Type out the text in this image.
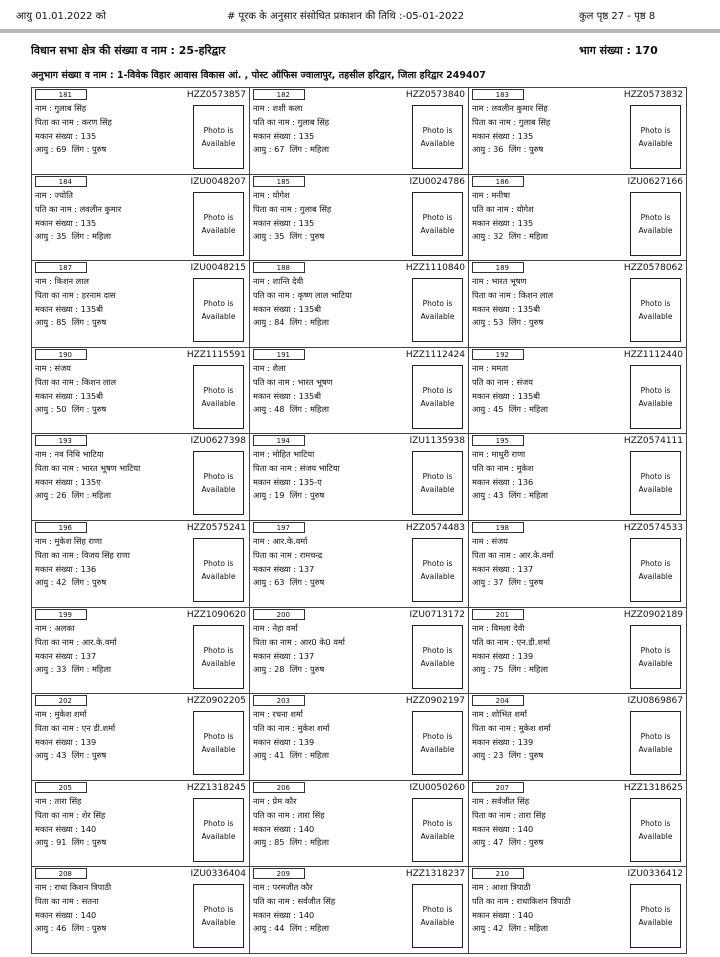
आयु 01.01.2022 को	# पूरक के अनुसार संसोधित प्रकाशन की तिथि :-05-01-2022	कुल पृष्ठ 27 - पृष्ठ 8
विधान सभा क्षेत्र की संख्या व नाम : 25-हरिद्वार	भाग संख्या : 170
अनुभाग संख्या व नाम : 1-विवेक विहार आवास विकास आं. , पोस्ट ऑफिस ज्वालापुर, तहसील हरिद्वार, जिला हरिद्वार 249407
181	HZZ0573857
नाम : गुलाब सिंह
पिता का नाम : करण सिंह
मकान संख्या : 135
आयु : 69 लिंग : पुरुष
Photo is
Available
182	HZZ0573840
नाम : शशी कला
पति का नाम : गुलाब सिंह
मकान संख्या : 135
आयु : 67 लिंग : महिला
Photo is
Available
183	HZZ0573832
नाम : लवलीन कुमार सिंह
पिता का नाम : गुलाब सिंह
मकान संख्या : 135
आयु : 36 लिंग : पुरुष
Photo is
Available
184	IZU0048207
नाम : ज्योति
पति का नाम : लवलीन कुमार
मकान संख्या : 135
आयु : 35 लिंग : महिला
Photo is
Available
185	IZU0024786
नाम : योगेश
पिता का नाम : गुलाब सिंह
मकान संख्या : 135
आयु : 35 लिंग : पुरुष
Photo is
Available
186	IZU0627166
नाम : मनीषा
पति का नाम : योगेश
मकान संख्या : 135
आयु : 32 लिंग : महिला
Photo is
Available
187	IZU0048215
नाम : किशन लाल
पिता का नाम : हरनाम दास
मकान संख्या : 135बी
आयु : 85 लिंग : पुरुष
Photo is
Available
188	HZZ1110840
नाम : शान्ति देवी
पति का नाम : कृष्ण लाल भाटिया
मकान संख्या : 135बी
आयु : 84 लिंग : महिला
Photo is
Available
189	HZZ0578062
नाम : भारत भूषण
पिता का नाम : किशन लाल
मकान संख्या : 135बी
आयु : 53 लिंग : पुरुष
Photo is
Available
190	HZZ1115591
नाम : संजय
पिता का नाम : किशन लाल
मकान संख्या : 135बी
आयु : 50 लिंग : पुरुष
Photo is
Available
191	HZZ1112424
नाम : शैला
पति का नाम : भारत भूषण
मकान संख्या : 135बी
आयु : 48 लिंग : महिला
Photo is
Available
192	HZZ1112440
नाम : ममता
पति का नाम : संजय
मकान संख्या : 135बी
आयु : 45 लिंग : महिला
Photo is
Available
193	IZU0627398
नाम : नव निधि भाटिया
पिता का नाम : भारत भूषण भाटिया
मकान संख्या : 135ए
आयु : 26 लिंग : महिला
Photo is
Available
194	IZU1135938
नाम : मोहित भाटिया
पिता का नाम : संजय भाटिया
मकान संख्या : 135-ए
आयु : 19 लिंग : पुरुष
Photo is
Available
195	HZZ0574111
नाम : माधुरी राणा
पति का नाम : मुकेश
मकान संख्या : 136
आयु : 43 लिंग : महिला
Photo is
Available
196	HZZ0575241
नाम : मुकेश सिंह राणा
पिता का नाम : विजय सिंह राणा
मकान संख्या : 136
आयु : 42 लिंग : पुरुष
Photo is
Available
197	HZZ0574483
नाम : आर.के.वर्मा
पिता का नाम : रामचन्द्र
मकान संख्या : 137
आयु : 63 लिंग : पुरुष
Photo is
Available
198	HZZ0574533
नाम : संजय
पिता का नाम : आर.के.वर्मा
मकान संख्या : 137
आयु : 37 लिंग : पुरुष
Photo is
Available
199	HZZ1090620
नाम : अलका
पिता का नाम : आर.के.वर्मा
मकान संख्या : 137
आयु : 33 लिंग : महिला
Photo is
Available
200	IZU0713172
नाम : नेहा वर्मा
पिता का नाम : आर0 के0 वर्मा
मकान संख्या : 137
आयु : 28 लिंग : पुरुष
Photo is
Available
201	HZZ0902189
नाम : विमला देवी
पति का नाम : एन.डी.शर्मा
मकान संख्या : 139
आयु : 75 लिंग : महिला
Photo is
Available
202	HZZ0902205
नाम : मुकेश शर्मा
पिता का नाम : एन डी.शर्मा
मकान संख्या : 139
आयु : 43 लिंग : पुरुष
Photo is
Available
203	HZZ0902197
नाम : रचना शर्मा
पति का नाम : मुकेश शर्मा
मकान संख्या : 139
आयु : 41 लिंग : महिला
Photo is
Available
204	IZU0869867
नाम : शोभित शर्मा
पिता का नाम : मुकेश शर्मा
मकान संख्या : 139
आयु : 23 लिंग : पुरुष
Photo is
Available
205	HZZ1318245
नाम : तारा सिंह
पिता का नाम : शेर सिंह
मकान संख्या : 140
आयु : 91 लिंग : पुरुष
Photo is
Available
206	IZU0050260
नाम : प्रेम कौर
पति का नाम : तारा सिंह
मकान संख्या : 140
आयु : 85 लिंग : महिला
Photo is
Available
207	HZZ1318625
नाम : सर्वजीत सिंह
पिता का नाम : तारा सिंह
मकान संख्या : 140
आयु : 47 लिंग : पुरुष
Photo is
Available
208	IZU0336404
नाम : राधा किशन त्रिपाठी
पिता का नाम : सतना
मकान संख्या : 140
आयु : 46 लिंग : पुरुष
Photo is
Available
209	HZZ1318237
नाम : परमजीत कौर
पति का नाम : सर्वजीत सिंह
मकान संख्या : 140
आयु : 44 लिंग : महिला
Photo is
Available
210	IZU0336412
नाम : आशा त्रिपाठी
पति का नाम : राधाकिशन त्रिपाठी
मकान संख्या : 140
आयु : 42 लिंग : महिला
Photo is
Available
